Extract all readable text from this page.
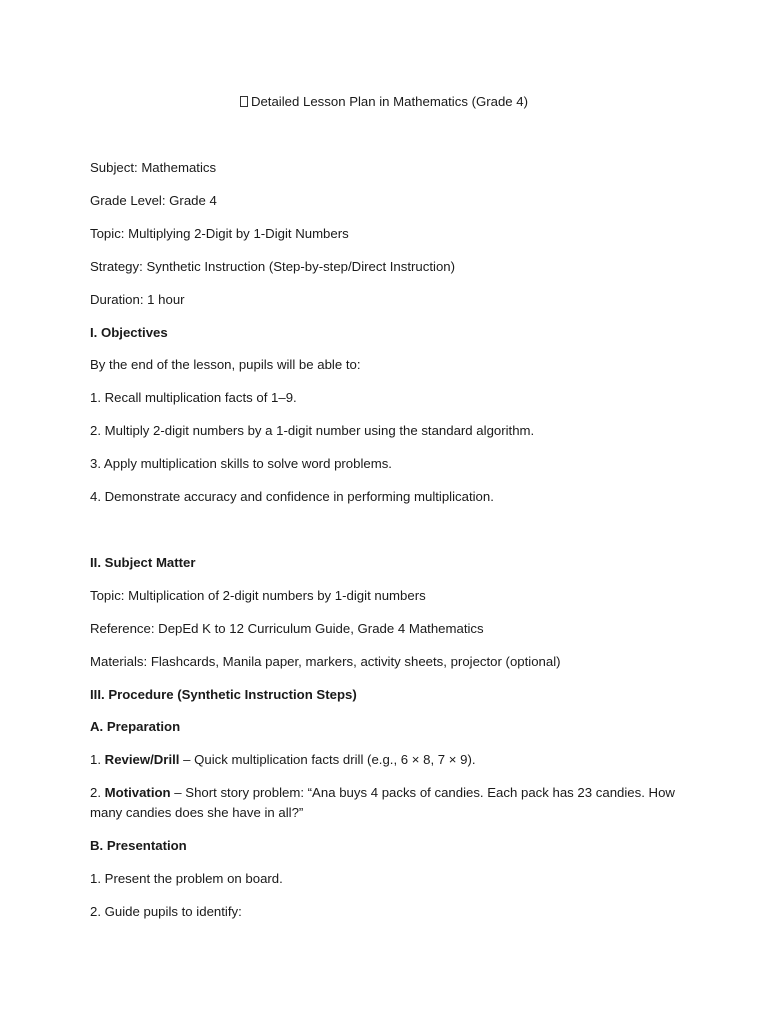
Detailed Lesson Plan in Mathematics (Grade 4)
Subject: Mathematics
Grade Level: Grade 4
Topic: Multiplying 2-Digit by 1-Digit Numbers
Strategy: Synthetic Instruction (Step-by-step/Direct Instruction)
Duration: 1 hour
I. Objectives
By the end of the lesson, pupils will be able to:
1. Recall multiplication facts of 1–9.
2. Multiply 2-digit numbers by a 1-digit number using the standard algorithm.
3. Apply multiplication skills to solve word problems.
4. Demonstrate accuracy and confidence in performing multiplication.
II. Subject Matter
Topic: Multiplication of 2-digit numbers by 1-digit numbers
Reference: DepEd K to 12 Curriculum Guide, Grade 4 Mathematics
Materials: Flashcards, Manila paper, markers, activity sheets, projector (optional)
III. Procedure (Synthetic Instruction Steps)
A. Preparation
1. Review/Drill – Quick multiplication facts drill (e.g., 6 × 8, 7 × 9).
2. Motivation – Short story problem: “Ana buys 4 packs of candies. Each pack has 23 candies. How many candies does she have in all?”
B. Presentation
1. Present the problem on board.
2. Guide pupils to identify:
